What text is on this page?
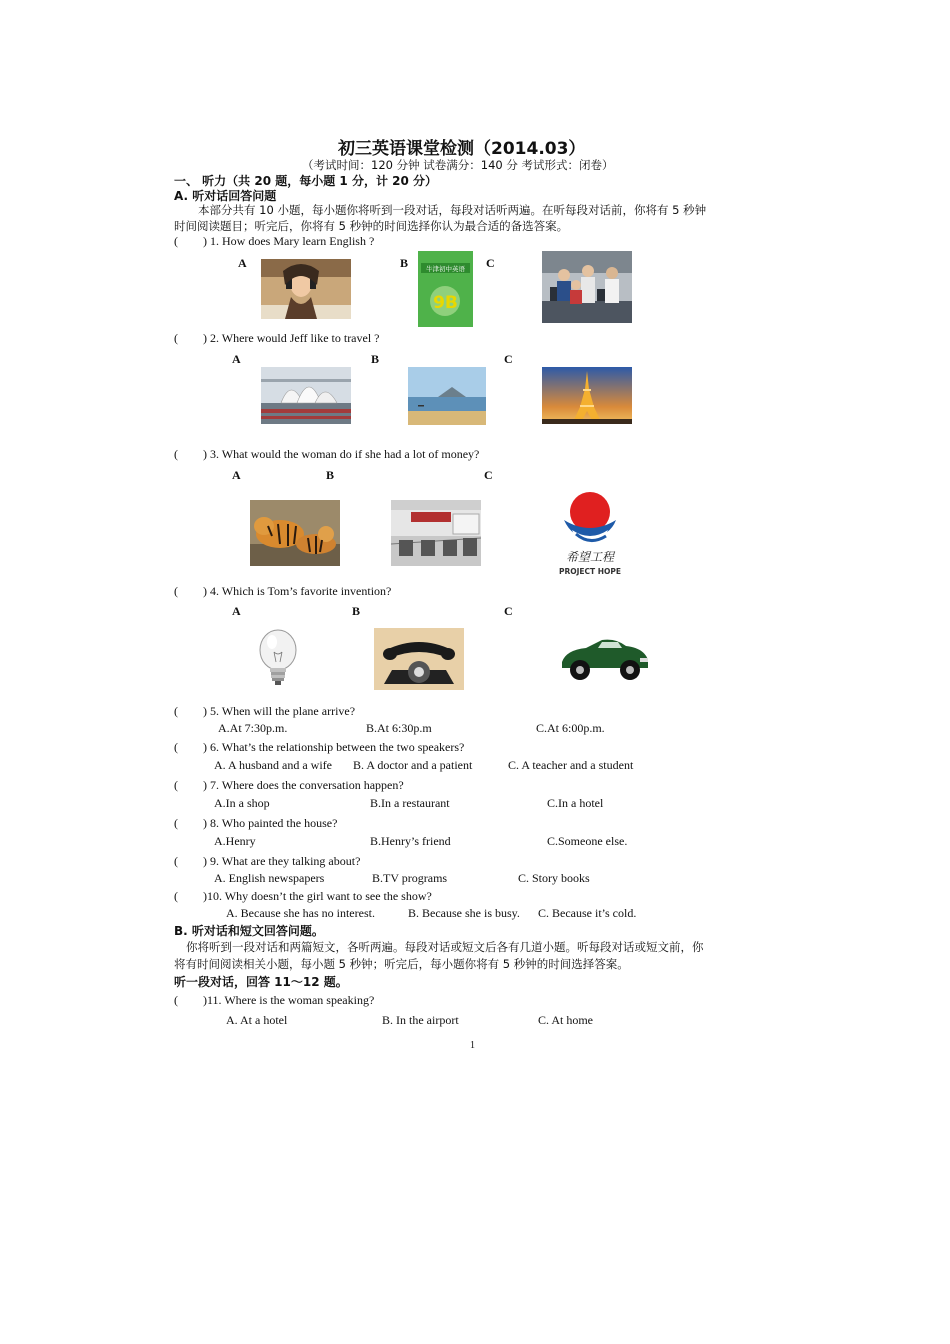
初三英语课堂检测（2014.03）
（考试时间：120 分钟 试卷满分：140 分 考试形式：闭卷）
一、 听力（共 20 题，每小题 1 分，计 20 分）
A. 听对话回答问题
本部分共有 10 小题，每小题你将听到一段对话，每段对话听两遍。在听每段对话前，你将有 5 秒钟
时间阅读题目；听完后，你将有 5 秒钟的时间选择你认为最合适的备选答案。
( ) 1. How does Mary learn English ?
A	B	C
牛津初中英语
9B
( ) 2. Where would Jeff like to travel ?
A	B	C
( ) 3. What would the woman do if she had a lot of money?
A	B	C
希望工程
PROJECT HOPE
( ) 4. Which is Tom’s favorite invention?
A	B	C
( ) 5. When will the plane arrive?
A.At 7:30p.m.	B.At 6:30p.m	C.At 6:00p.m.
( ) 6. What’s the relationship between the two speakers?
A. A husband and a wife B. A doctor and a patient	C. A teacher and a student
( ) 7. Where does the conversation happen?
A.In a shop	B.In a restaurant	C.In a hotel
( ) 8. Who painted the house?
A.Henry	B.Henry’s friend	C.Someone else.
( ) 9. What are they talking about?
A. English newspapers	B.TV programs	C. Story books
( )10. Why doesn’t the girl want to see the show?
A. Because she has no interest.	B. Because she is busy. C. Because it’s cold.
B. 听对话和短文回答问题。
你将听到一段对话和两篇短文，各听两遍。每段对话或短文后各有几道小题。听每段对话或短文前，你
将有时间阅读相关小题，每小题 5 秒钟；听完后，每小题你将有 5 秒钟的时间选择答案。
听一段对话，回答 11～12 题。
( )11. Where is the woman speaking?
A. At a hotel	B. In the airport	C. At home
1
